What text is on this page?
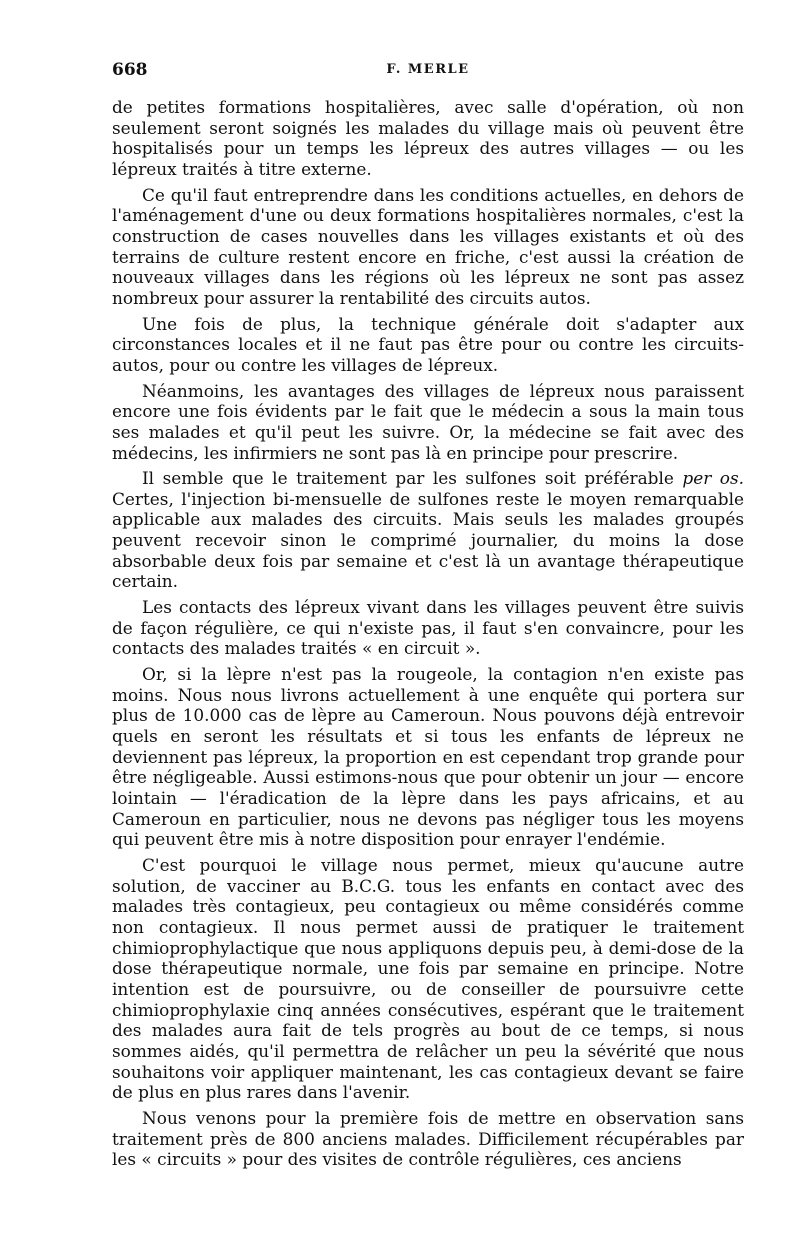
668	F. MERLE

de petites formations hospitalières, avec salle d'opération, où non seulement seront soignés les malades du village mais où peuvent être hospitalisés pour un temps les lépreux des autres villages — ou les lépreux traités à titre externe.

Ce qu'il faut entreprendre dans les conditions actuelles, en dehors de l'aménagement d'une ou deux formations hospitalières normales, c'est la construction de cases nouvelles dans les villages existants et où des terrains de culture restent encore en friche, c'est aussi la création de nouveaux villages dans les régions où les lépreux ne sont pas assez nombreux pour assurer la rentabilité des circuits autos.

Une fois de plus, la technique générale doit s'adapter aux circonstances locales et il ne faut pas être pour ou contre les circuits-autos, pour ou contre les villages de lépreux.

Néanmoins, les avantages des villages de lépreux nous paraissent encore une fois évidents par le fait que le médecin a sous la main tous ses malades et qu'il peut les suivre. Or, la médecine se fait avec des médecins, les infirmiers ne sont pas là en principe pour prescrire.

Il semble que le traitement par les sulfones soit préférable per os. Certes, l'injection bi-mensuelle de sulfones reste le moyen remarquable applicable aux malades des circuits. Mais seuls les malades groupés peuvent recevoir sinon le comprimé journalier, du moins la dose absorbable deux fois par semaine et c'est là un avantage thérapeutique certain.

Les contacts des lépreux vivant dans les villages peuvent être suivis de façon régulière, ce qui n'existe pas, il faut s'en convaincre, pour les contacts des malades traités « en circuit ».

Or, si la lèpre n'est pas la rougeole, la contagion n'en existe pas moins. Nous nous livrons actuellement à une enquête qui portera sur plus de 10.000 cas de lèpre au Cameroun. Nous pouvons déjà entrevoir quels en seront les résultats et si tous les enfants de lépreux ne deviennent pas lépreux, la proportion en est cependant trop grande pour être négligeable. Aussi estimons-nous que pour obtenir un jour — encore lointain — l'éradication de la lèpre dans les pays africains, et au Cameroun en particulier, nous ne devons pas négliger tous les moyens qui peuvent être mis à notre disposition pour enrayer l'endémie.

C'est pourquoi le village nous permet, mieux qu'aucune autre solution, de vacciner au B.C.G. tous les enfants en contact avec des malades très contagieux, peu contagieux ou même considérés comme non contagieux. Il nous permet aussi de pratiquer le traitement chimioprophylactique que nous appliquons depuis peu, à demi-dose de la dose thérapeutique normale, une fois par semaine en principe. Notre intention est de poursuivre, ou de conseiller de poursuivre cette chimioprophylaxie cinq années consécutives, espérant que le traitement des malades aura fait de tels progrès au bout de ce temps, si nous sommes aidés, qu'il permettra de relâcher un peu la sévérité que nous souhaitons voir appliquer maintenant, les cas contagieux devant se faire de plus en plus rares dans l'avenir.

Nous venons pour la première fois de mettre en observation sans traitement près de 800 anciens malades. Difficilement récupérables par les « circuits » pour des visites de contrôle régulières, ces anciens
